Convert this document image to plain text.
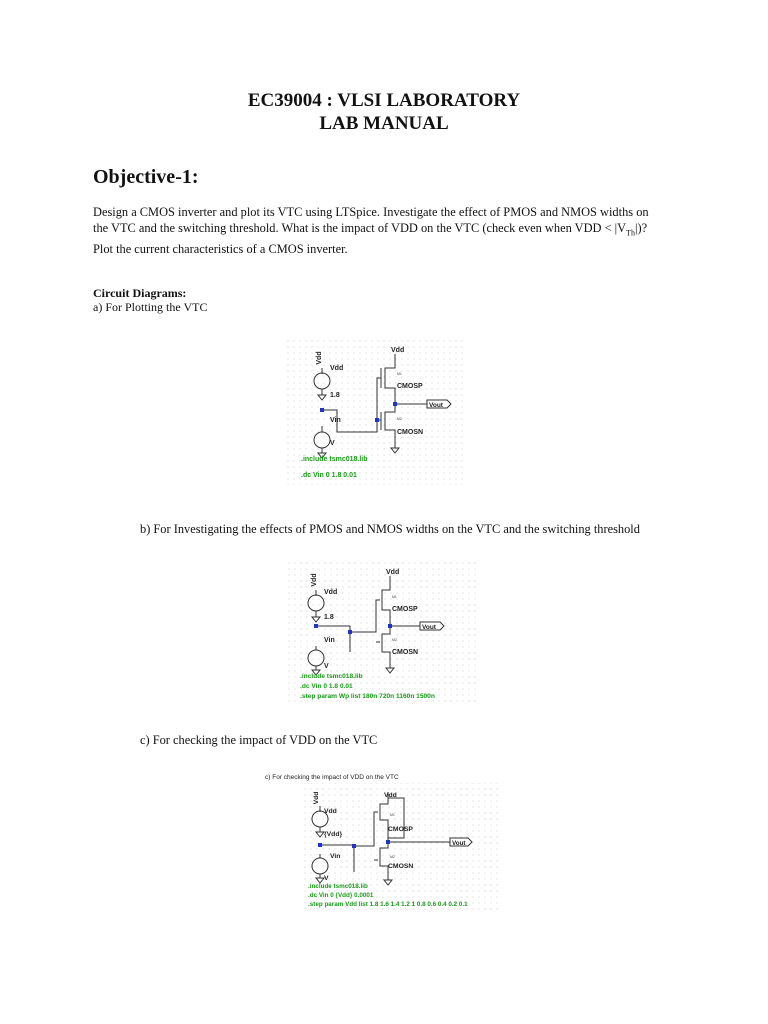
EC39004 : VLSI LABORATORY
LAB MANUAL
Objective-1:

Design a CMOS inverter and plot its VTC using LTSpice. Investigate the effect of PMOS and NMOS widths on

the VTC and the switching threshold. What is the impact of VDD on the VTC (check even when VDD < $|V_{Th}|$)?

Plot the current characteristics of a CMOS inverter.

Circuit Diagrams:
a) For Plotting the VTC
Vdd
Vdd
Vdd
1.8
Vin
V
CMOSP
CMOSN
Vout
M1
M2
.include tsmc018.lib
.dc Vin 0 1.8 0.01
b) For Investigating the effects of PMOS and NMOS widths on the VTC and the switching threshold
Vdd
Vdd
Vdd
1.8
Vin
V
CMOSP
CMOSN
Vout
M1
M2
.include tsmc018.lib
.dc Vin 0 1.8 0.01
.step param Wp list 180n 720n 1160n 1500n
c) For checking the impact of VDD on the VTC
c) For checking the impact of VDD on the VTC
Vdd	Vdd
Vdd
{Vdd}
Vin
V
CMOSP
CMOSN
Vout
M1
M2
.include tsmc018.lib
.dc Vin 0 {Vdd} 0.0001
.step param Vdd list 1.8 1.6 1.4 1.2 1 0.8 0.6 0.4 0.2 0.1
